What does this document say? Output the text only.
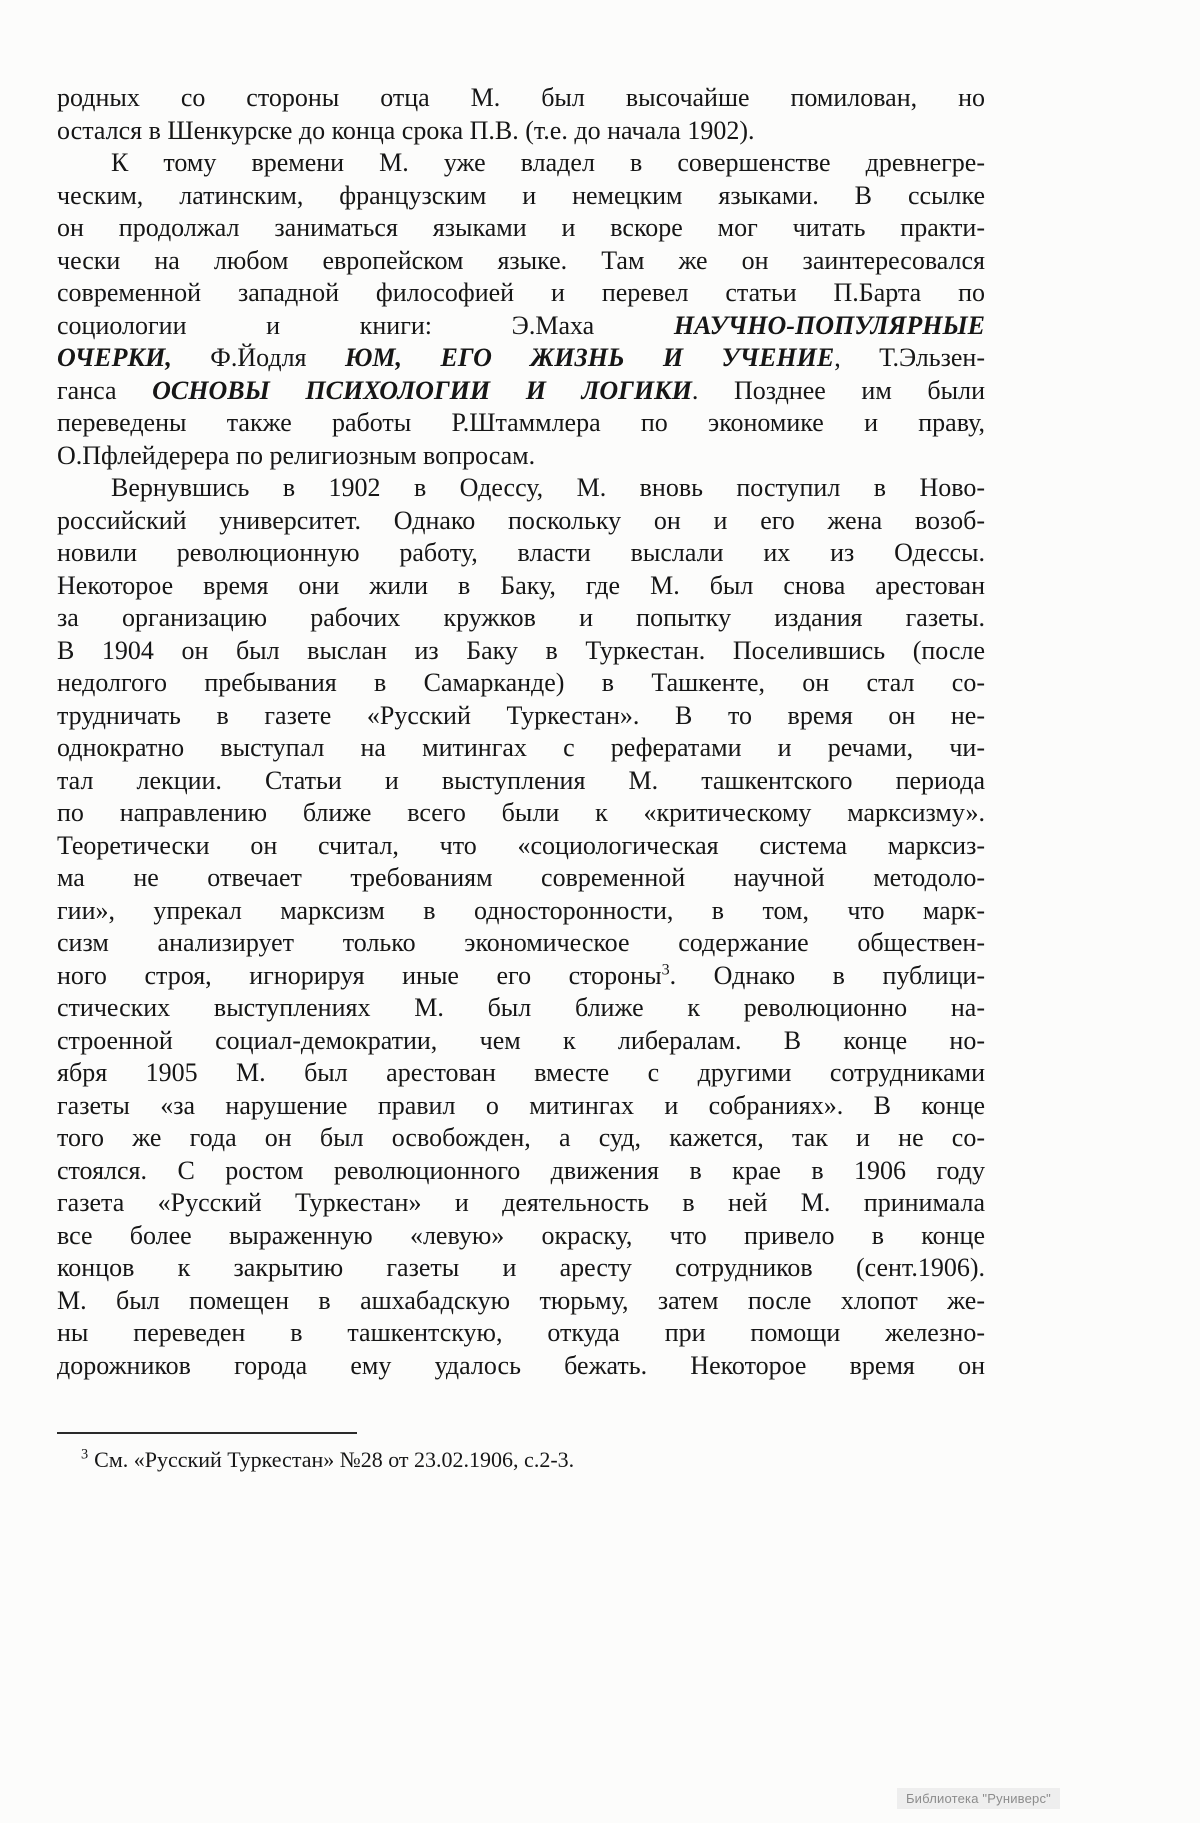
родных со стороны отца М. был высочайше помилован, но
остался в Шенкурске до конца срока П.В. (т.е. до начала 1902).
К тому времени М. уже владел в совершенстве древнегре-
ческим, латинским, французским и немецким языками. В ссылке
он продолжал заниматься языками и вскоре мог читать практи-
чески на любом европейском языке. Там же он заинтересовался
современной западной философией и перевел статьи П.Барта по
социологии и книги: Э.Маха НАУЧНО-ПОПУЛЯРНЫЕ
ОЧЕРКИ, Ф.Йодля ЮМ, ЕГО ЖИЗНЬ И УЧЕНИЕ, Т.Эльзен-
ганса ОСНОВЫ ПСИХОЛОГИИ И ЛОГИКИ. Позднее им были
переведены также работы Р.Штаммлера по экономике и праву,
О.Пфлейдерера по религиозным вопросам.
Вернувшись в 1902 в Одессу, М. вновь поступил в Ново-
российский университет. Однако поскольку он и его жена возоб-
новили революционную работу, власти выслали их из Одессы.
Некоторое время они жили в Баку, где М. был снова арестован
за организацию рабочих кружков и попытку издания газеты.
В 1904 он был выслан из Баку в Туркестан. Поселившись (после
недолгого пребывания в Самарканде) в Ташкенте, он стал со-
трудничать в газете «Русский Туркестан». В то время он не-
однократно выступал на митингах с рефератами и речами, чи-
тал лекции. Статьи и выступления М. ташкентского периода
по направлению ближе всего были к «критическому марксизму».
Теоретически он считал, что «социологическая система марксиз-
ма не отвечает требованиям современной научной методоло-
гии», упрекал марксизм в односторонности, в том, что марк-
сизм анализирует только экономическое содержание обществен-
ного строя, игнорируя иные его стороны$^3$. Однако в публици-
стических выступлениях М. был ближе к революционно на-
строенной социал-демократии, чем к либералам. В конце но-
ября 1905 М. был арестован вместе с другими сотрудниками
газеты «за нарушение правил о митингах и собраниях». В конце
того же года он был освобожден, а суд, кажется, так и не со-
стоялся. С ростом революционного движения в крае в 1906 году
газета «Русский Туркестан» и деятельность в ней М. принимала
все более выраженную «левую» окраску, что привело в конце
концов к закрытию газеты и аресту сотрудников (сент.1906).
М. был помещен в ашхабадскую тюрьму, затем после хлопот же-
ны переведен в ташкентскую, откуда при помощи железно-
дорожников города ему удалось бежать. Некоторое время он

$^3$ См. «Русский Туркестан» №28 от 23.02.1906, с.2-3.

Библиотека "Руниверс"
